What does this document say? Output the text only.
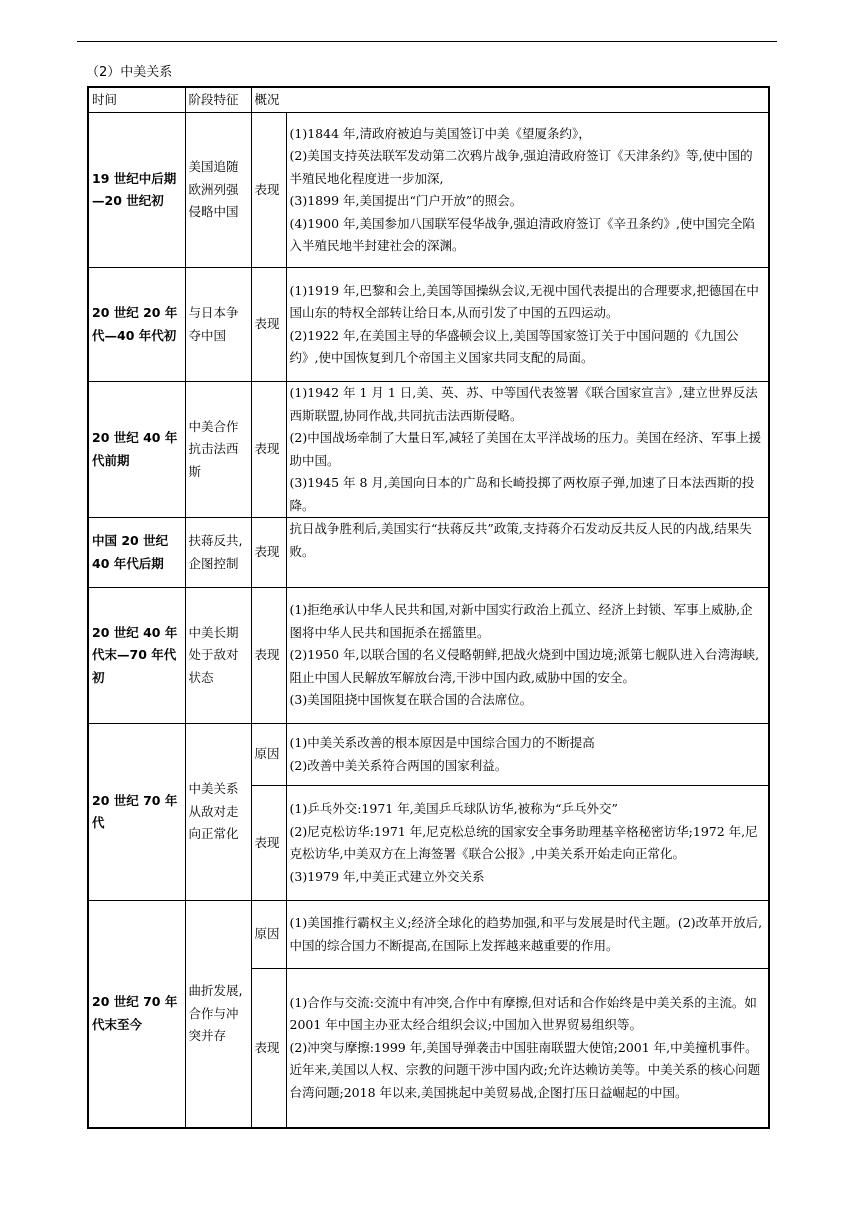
（2）中美关系
时间	阶段特征	概况	
19 世纪中后期—20 世纪初	美国追随欧洲列强侵略中国	表现	(1)1844 年,清政府被迫与美国签订中美《望厦条约》，

(2)美国支持英法联军发动第二次鸦片战争,强迫清政府签订《天津条约》等,使中国的半殖民地化程度进一步加深,

(3)1899 年,美国提出“门户开放”的照会。

(4)1900 年,美国参加八国联军侵华战争,强迫清政府签订《辛丑条约》,使中国完全陷入半殖民地半封建社会的深渊。

20 世纪 20 年代—40 年代初	与日本争夺中国	表现	(1)1919 年,巴黎和会上,美国等国操纵会议,无视中国代表提出的合理要求,把德国在中国山东的特权全部转让给日本,从而引发了中国的五四运动。

(2)1922 年,在美国主导的华盛顿会议上,美国等国家签订关于中国问题的《九国公约》,使中国恢复到几个帝国主义国家共同支配的局面。

20 世纪 40 年代前期	中美合作抗击法西斯	表现	(1)1942 年 1 月 1 日,美、英、苏、中等国代表签署《联合国家宣言》,建立世界反法西斯联盟,协同作战,共同抗击法西斯侵略。

(2)中国战场牵制了大量日军,减轻了美国在太平洋战场的压力。美国在经济、军事上援助中国。

(3)1945 年 8 月,美国向日本的广岛和长崎投掷了两枚原子弹,加速了日本法西斯的投降。

中国 20 世纪 40 年代后期	扶蒋反共,企图控制	表现	抗日战争胜利后,美国实行“扶蒋反共”政策,支持蒋介石发动反共反人民的内战,结果失败。

20 世纪 40 年代末—70 年代初	中美长期处于敌对状态	表现	(1)拒绝承认中华人民共和国,对新中国实行政治上孤立、经济上封锁、军事上威胁,企图将中华人民共和国扼杀在摇篮里。

(2)1950 年,以联合国的名义侵略朝鲜,把战火烧到中国边境;派第七舰队进入台湾海峡,阻止中国人民解放军解放台湾,干涉中国内政,威胁中国的安全。

(3)美国阻挠中国恢复在联合国的合法席位。

20 世纪 70 年代	中美关系从敌对走向正常化	原因	(1)中美关系改善的根本原因是中国综合国力的不断提高

(2)改善中美关系符合两国的国家利益。

		表现	(1)乒乓外交:1971 年,美国乒乓球队访华,被称为“乒乓外交”

(2)尼克松访华:1971 年,尼克松总统的国家安全事务助理基辛格秘密访华;1972 年,尼克松访华,中美双方在上海签署《联合公报》,中美关系开始走向正常化。

(3)1979 年,中美正式建立外交关系

20 世纪 70 年代末至今	曲折发展,合作与冲突并存	原因	(1)美国推行霸权主义;经济全球化的趋势加强,和平与发展是时代主题。(2)改革开放后,中国的综合国力不断提高,在国际上发挥越来越重要的作用。

		表现	(1)合作与交流:交流中有冲突,合作中有摩擦,但对话和合作始终是中美关系的主流。如 2001 年中国主办亚太经合组织会议;中国加入世界贸易组织等。

(2)冲突与摩擦:1999 年,美国导弹袭击中国驻南联盟大使馆;2001 年,中美撞机事件。近年来,美国以人权、宗教的问题干涉中国内政;允许达赖访美等。中美关系的核心问题台湾问题;2018 年以来,美国挑起中美贸易战,企图打压日益崛起的中国。
